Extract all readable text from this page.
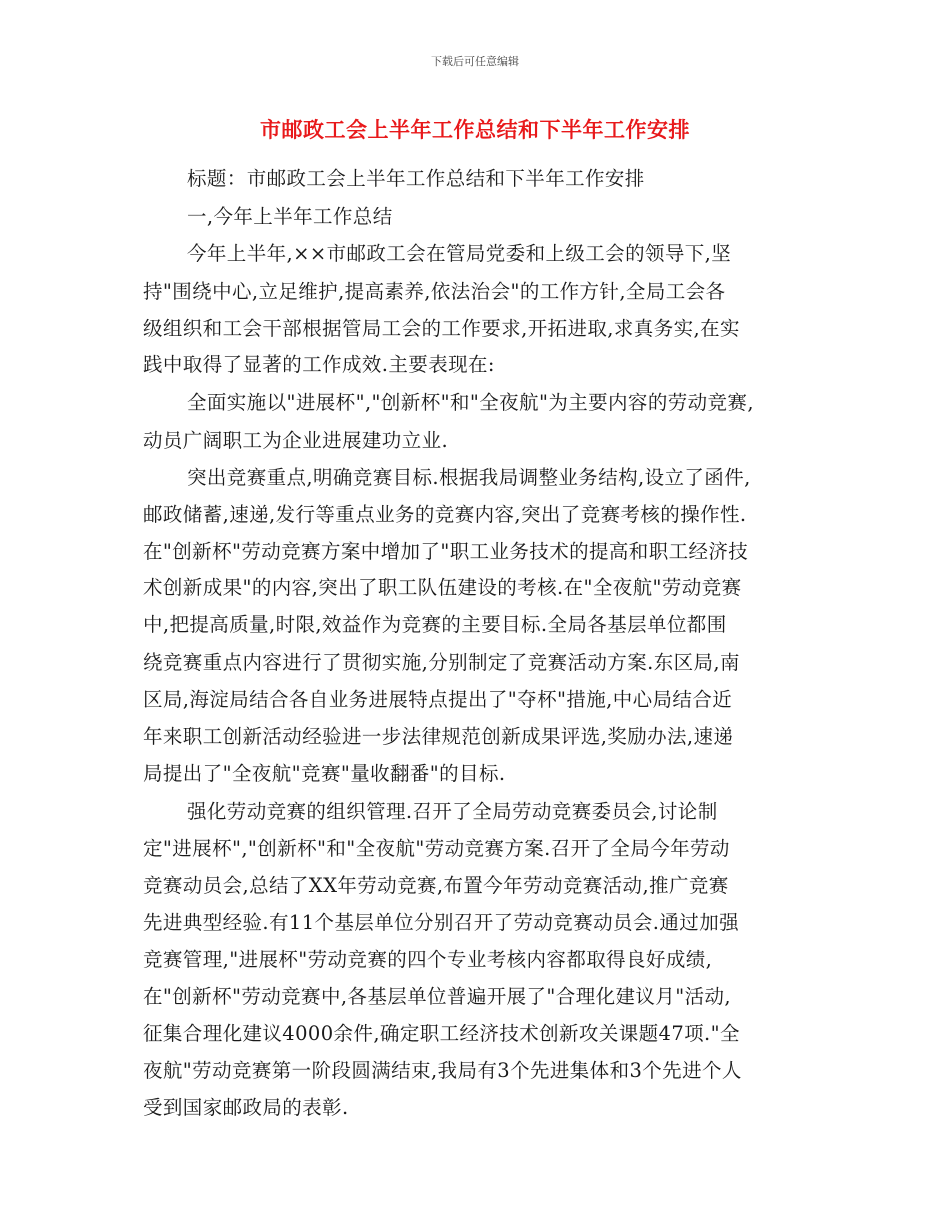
下载后可任意编辑
市邮政工会上半年工作总结和下半年工作安排
标题：市邮政工会上半年工作总结和下半年工作安排
一,今年上半年工作总结
今年上半年,××市邮政工会在管局党委和上级工会的领导下,坚
持"围绕中心,立足维护,提高素养,依法治会"的工作方针,全局工会各
级组织和工会干部根据管局工会的工作要求,开拓进取,求真务实,在实
践中取得了显著的工作成效.主要表现在:
全面实施以"进展杯","创新杯"和"全夜航"为主要内容的劳动竞赛,
动员广阔职工为企业进展建功立业.
突出竞赛重点,明确竞赛目标.根据我局调整业务结构,设立了函件,
邮政储蓄,速递,发行等重点业务的竞赛内容,突出了竞赛考核的操作性.
在"创新杯"劳动竞赛方案中增加了"职工业务技术的提高和职工经济技
术创新成果"的内容,突出了职工队伍建设的考核.在"全夜航"劳动竞赛
中,把提高质量,时限,效益作为竞赛的主要目标.全局各基层单位都围
绕竞赛重点内容进行了贯彻实施,分别制定了竞赛活动方案.东区局,南
区局,海淀局结合各自业务进展特点提出了"夺杯"措施,中心局结合近
年来职工创新活动经验进一步法律规范创新成果评选,奖励办法,速递
局提出了"全夜航"竞赛"量收翻番"的目标.
强化劳动竞赛的组织管理.召开了全局劳动竞赛委员会,讨论制
定"进展杯","创新杯"和"全夜航"劳动竞赛方案.召开了全局今年劳动
竞赛动员会,总结了XX年劳动竞赛,布置今年劳动竞赛活动,推广竞赛
先进典型经验.有11个基层单位分别召开了劳动竞赛动员会.通过加强
竞赛管理,"进展杯"劳动竞赛的四个专业考核内容都取得良好成绩,
在"创新杯"劳动竞赛中,各基层单位普遍开展了"合理化建议月"活动,
征集合理化建议4000余件,确定职工经济技术创新攻关课题47项."全
夜航"劳动竞赛第一阶段圆满结束,我局有3个先进集体和3个先进个人
受到国家邮政局的表彰.
